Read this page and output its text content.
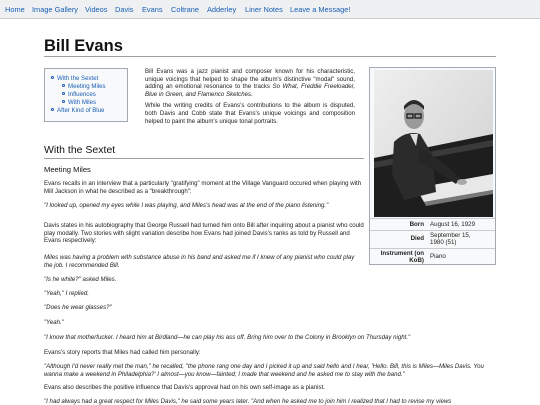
Home Image Gallery Videos Davis Evans Coltrane Adderley Liner Notes Leave a Message!
Bill Evans
With the Sextet
Meeting Miles
Influences
With Miles
After Kind of Blue

Bill Evans was a jazz pianist and composer known for his characteristic, unique voicings that helped to shape the album's distinctive "modal" sound, adding an emotional resonance to the tracks So What, Freddie Freeloader, Blue in Green, and Flamenco Sketches.

While the writing credits of Evans's contributions to the album is disputed, both Davis and Cobb state that Evans's unique voicings and composition helped to paint the album's unique tonal portraits.

Born August 16, 1929
Died September 15,
1980 (51)
Instrument (on
KoB)
Piano
With the Sextet
Meeting Miles
Evans recalls in an interview that a particularly "gratifying" moment at the Village Vanguard occured when playing with Mill Jackson in what he described as a "breakthrough":
"I looked up, opened my eyes while I was playing, and Miles's head was at the end of the piano listening."
Davis states in his autobiography that George Russell had turned him onto Bill after inquiring about a pianist who could play modally. Two stories with slight variation describe how Evans had joined Davis's ranks as told by Russell and Evans respectively:
Miles was having a problem with substance abuse in his band and asked me if I knew of any pianist who could play the job. I recommended Bill.
"Is he white?" asked Miles.
"Yeah," I replied.
"Does he wear glasses?"
"Yeah."
"I know that motherfucker. I heard him at Birdland—he can play his ass off. Bring him over to the Colony in Brooklyn on Thursday night."
Evans's story reports that Miles had called him personally:
"Although I'd never really met the man," he recalled, "the phone rang one day and I picked it up and said hello and I hear, 'Hello. Bill, this is Miles—Miles Davis. You wanna make a weekend in Philadelphia?' I almost—you know—fainted; I made that weekend and he asked me to stay with the band."
Evans also describes the positive influence that Davis's approval had on his own self-image as a pianist.
"I had always had a great respect for Miles Davis," he said some years later. "And when he asked me to join him I realized that I had to revise my views
